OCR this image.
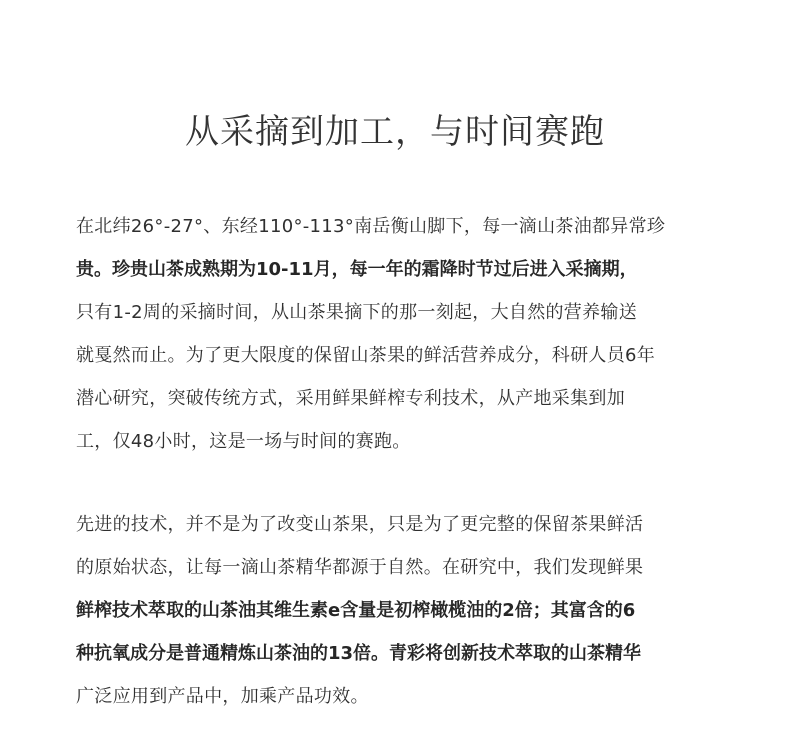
从采摘到加工，与时间赛跑
在北纬26°-27°、东经110°-113°南岳衡山脚下，每一滴山茶油都异常珍
贵。珍贵山茶成熟期为10-11月，每一年的霜降时节过后进入采摘期，
只有1-2周的采摘时间，从山茶果摘下的那一刻起，大自然的营养输送
就戛然而止。为了更大限度的保留山茶果的鲜活营养成分，科研人员6年
潜心研究，突破传统方式，采用鲜果鲜榨专利技术，从产地采集到加
工，仅48小时，这是一场与时间的赛跑。
先进的技术，并不是为了改变山茶果，只是为了更完整的保留茶果鲜活
的原始状态，让每一滴山茶精华都源于自然。在研究中，我们发现鲜果
鲜榨技术萃取的山茶油其维生素e含量是初榨橄榄油的2倍；其富含的6
种抗氧成分是普通精炼山茶油的13倍。青彩将创新技术萃取的山茶精华
广泛应用到产品中，加乘产品功效。
